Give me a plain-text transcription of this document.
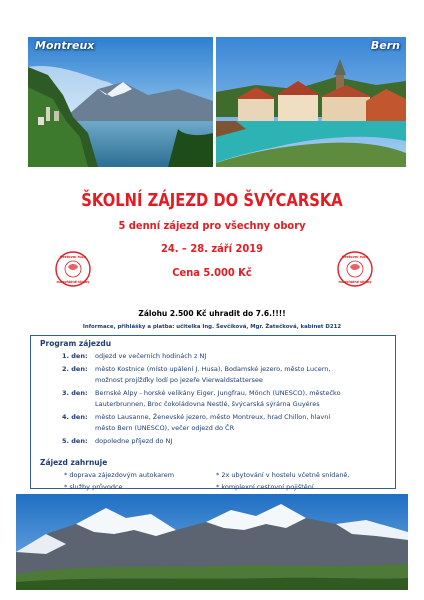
Montreux	Bern
ŠKOLNÍ ZÁJEZD DO ŠVÝCARSKA
5 denní zájezd pro všechny obory
24. – 28. září 2019
Cena 5.000 Kč
Cestovní ruch
mimořádné služby
Cestovní ruch
mimořádné služby
Zálohu 2.500 Kč uhradit do 7.6.!!!!
Informace, přihlášky a platba: učitelka Ing. Ševčíková, Mgr. Žatečková, kabinet D212
Program zájezdu
1. den: odjezd ve večerních hodinách z NJ
2. den: město Kostnice (místo upálení J. Husa), Bodamské jezero, město Lucern,
možnost projížďky lodí po jezeře Vierwaldstattersee
3. den: Bernské Alpy - horské velikány Eiger, Jungfrau, Mönch (UNESCO), městečko
Lauterbrunnen, Broc čokoládovna Nestlé, švýcarská sýrárna Guyéres
4. den: město Lausanne, Ženevské jezero, město Montreux, hrad Chillon, hlavní
město Bern (UNESCO), večer odjezd do ČR
5. den: dopoledne příjezd do NJ
Zájezd zahrnuje
* doprava zájezdovým autokarem	* 2x ubytování v hostelu včetně snídaně,
* služby průvodce	* komplexní cestovní pojištění
